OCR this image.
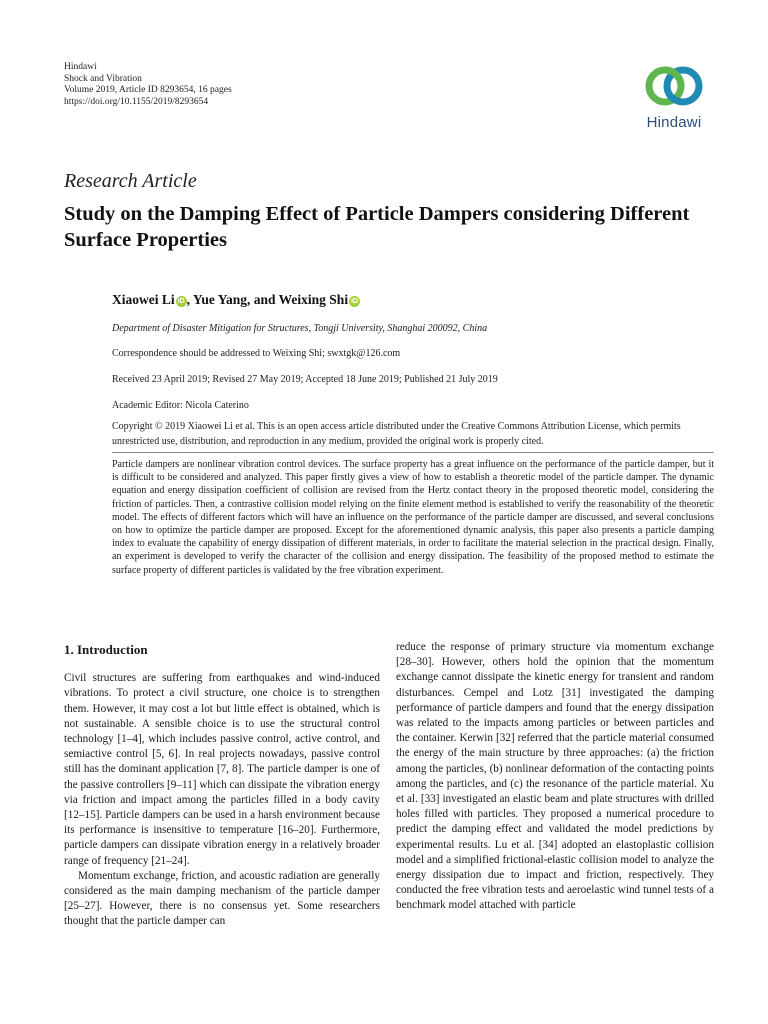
Hindawi
Shock and Vibration
Volume 2019, Article ID 8293654, 16 pages
https://doi.org/10.1155/2019/8293654
Hindawi
Research Article
Study on the Damping Effect of Particle Dampers considering Different Surface Properties
Xiaowei Li iD , Yue Yang, and Weixing Shi iD
Department of Disaster Mitigation for Structures, Tongji University, Shanghai 200092, China
Correspondence should be addressed to Weixing Shi; swxtgk@126.com
Received 23 April 2019; Revised 27 May 2019; Accepted 18 June 2019; Published 21 July 2019
Academic Editor: Nicola Caterino
Copyright © 2019 Xiaowei Li et al. This is an open access article distributed under the Creative Commons Attribution License, which permits unrestricted use, distribution, and reproduction in any medium, provided the original work is properly cited.
Particle dampers are nonlinear vibration control devices. The surface property has a great influence on the performance of the particle damper, but it is difficult to be considered and analyzed. This paper firstly gives a view of how to establish a theoretic model of the particle damper. The dynamic equation and energy dissipation coefficient of collision are revised from the Hertz contact theory in the proposed theoretic model, considering the friction of particles. Then, a contrastive collision model relying on the finite element method is established to verify the reasonability of the theoretic model. The effects of different factors which will have an influence on the performance of the particle damper are discussed, and several conclusions on how to optimize the particle damper are proposed. Except for the aforementioned dynamic analysis, this paper also presents a particle damping index to evaluate the capability of energy dissipation of different materials, in order to facilitate the material selection in the practical design. Finally, an experiment is developed to verify the character of the collision and energy dissipation. The feasibility of the proposed method to estimate the surface property of different particles is validated by the free vibration experiment.
1. Introduction

Civil structures are suffering from earthquakes and wind-induced vibrations. To protect a civil structure, one choice is to strengthen them. However, it may cost a lot but little effect is obtained, which is not sustainable. A sensible choice is to use the structural control technology [1–4], which includes passive control, active control, and semiactive control [5, 6]. In real projects nowadays, passive control still has the dominant application [7, 8]. The particle damper is one of the passive controllers [9–11] which can dissipate the vibration energy via friction and impact among the particles filled in a body cavity [12–15]. Particle dampers can be used in a harsh environment because its performance is insensitive to temperature [16–20]. Furthermore, particle dampers can dissipate vibration energy in a relatively broader range of frequency [21–24].

Momentum exchange, friction, and acoustic radiation are generally considered as the main damping mechanism of the particle damper [25–27]. However, there is no consensus yet. Some researchers thought that the particle damper can

reduce the response of primary structure via momentum exchange [28–30]. However, others hold the opinion that the momentum exchange cannot dissipate the kinetic energy for transient and random disturbances. Cempel and Lotz [31] investigated the damping performance of particle dampers and found that the energy dissipation was related to the impacts among particles or between particles and the container. Kerwin [32] referred that the particle material consumed the energy of the main structure by three approaches: (a) the friction among the particles, (b) nonlinear deformation of the contacting points among the particles, and (c) the resonance of the particle material. Xu et al. [33] investigated an elastic beam and plate structures with drilled holes filled with particles. They proposed a numerical procedure to predict the damping effect and validated the model predictions by experimental results. Lu et al. [34] adopted an elastoplastic collision model and a simplified frictional-elastic collision model to analyze the energy dissipation due to impact and friction, respectively. They conducted the free vibration tests and aeroelastic wind tunnel tests of a benchmark model attached with particle
